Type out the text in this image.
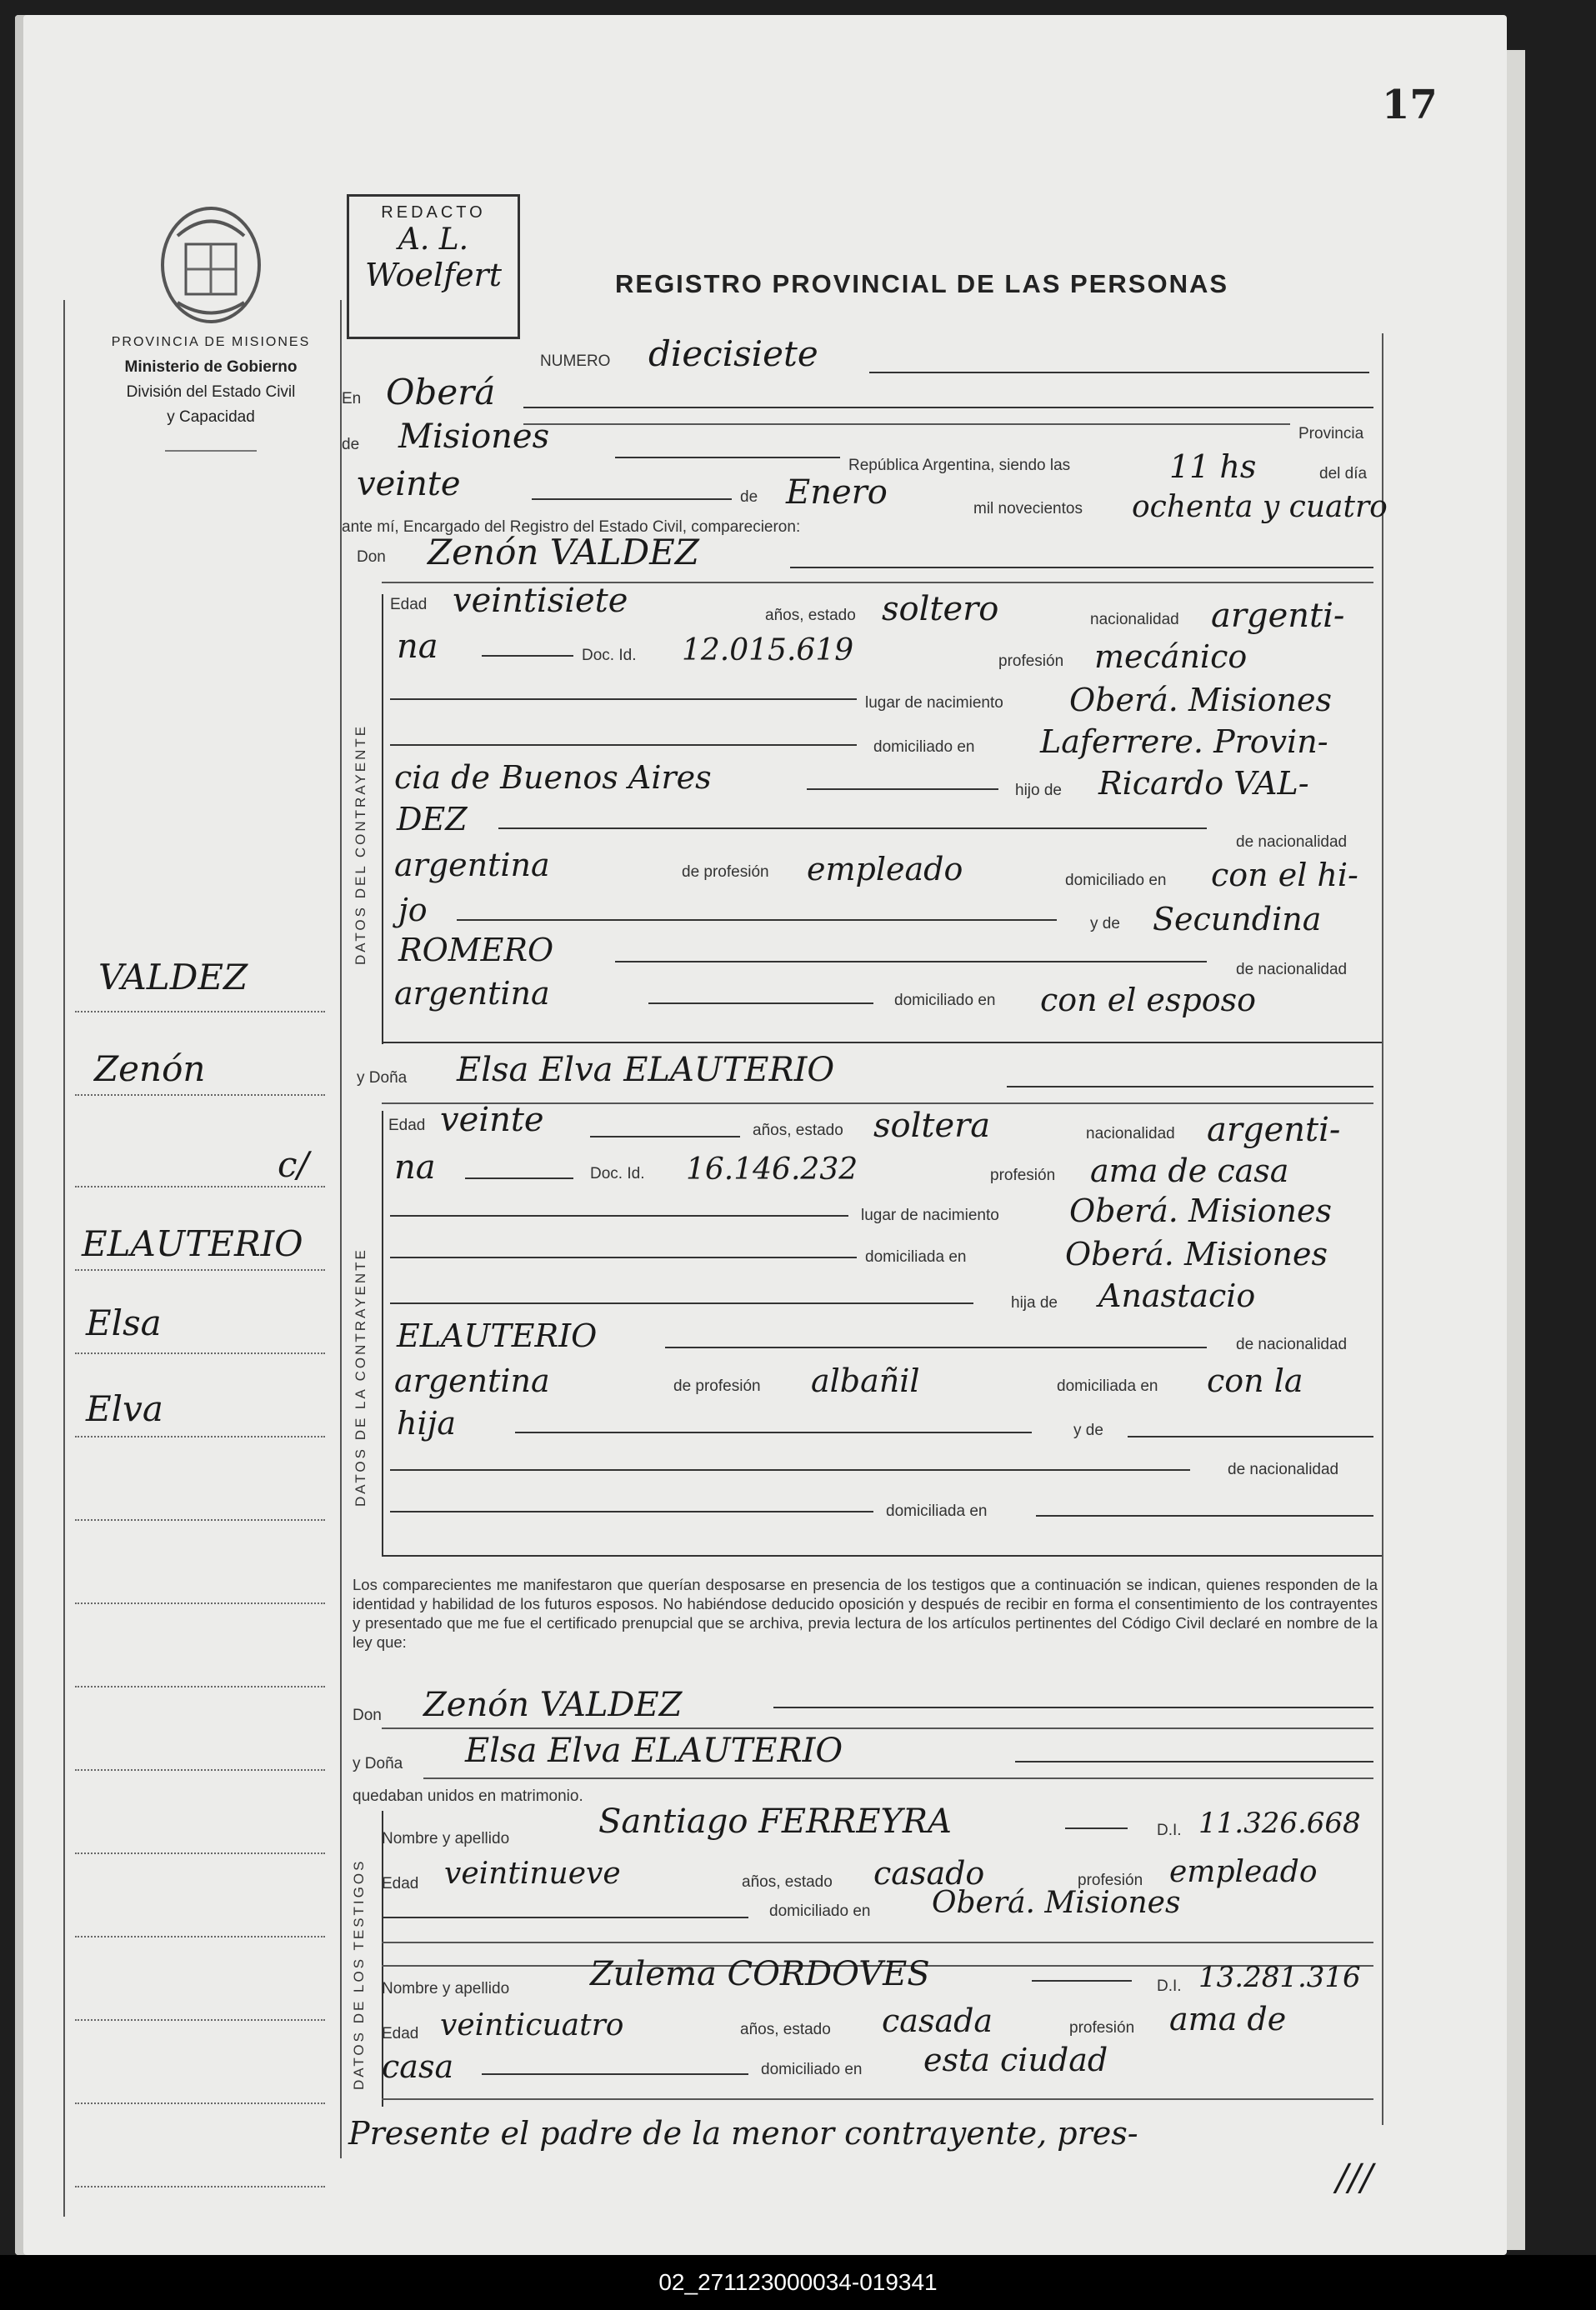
17
PROVINCIA DE MISIONES
Ministerio de Gobierno
División del Estado Civil
y Capacidad
REDACTO
A. L.
Woelfert	REGISTRO PROVINCIAL DE LAS PERSONAS
VALDEZ
Zenón
c/
ELAUTERIO
Elsa
Elva
NUMERO diecisiete
En Oberá
Provincia
de Misiones
República Argentina, siendo las	11 hs	del día
veinte	de Enero	mil novecientos ochenta y cuatro
ante mí, Encargado del Registro del Estado Civil, comparecieron:
Don Zenón VALDEZ
DATOS DEL CONTRAYENTE
Edad veintisiete	años, estado soltero	nacionalidad argenti-
na	Doc. Id. 12.015.619	profesión mecánico
lugar de nacimiento Oberá. Misiones
domiciliado en Laferrere. Provin-
cia de Buenos Aires	hijo de Ricardo VAL-
DEZ
de nacionalidad
argentina	de profesión empleado	domiciliado en con el hi-
jo	y de Secundina
ROMERO
de nacionalidad
argentina	domiciliado en con el esposo
y Doña Elsa Elva ELAUTERIO
DATOS DE LA CONTRAYENTE
Edad veinte	años, estado soltera	nacionalidad argenti-
na	Doc. Id. 16.146.232	profesión ama de casa
lugar de nacimiento Oberá. Misiones
domiciliada en	Oberá. Misiones
hija de Anastacio
ELAUTERIO	de nacionalidad
argentina	de profesión albañil	domiciliada en con la
hija	y de
de nacionalidad
domiciliada en
Los comparecientes me manifestaron que querían desposarse en presencia de los testigos que a continuación se indican, quienes responden de la identidad y habilidad de los futuros esposos. No habiéndose deducido oposición y después de recibir en forma el consentimiento de los contrayentes y presentado que me fue el certificado prenupcial que se archiva, previa lectura de los artículos pertinentes del Código Civil declaré en nombre de la ley que:
Don Zenón VALDEZ
y Doña Elsa Elva ELAUTERIO
quedaban unidos en matrimonio.
DATOS DE LOS TESTIGOS
Nombre y apellido	Santiago FERREYRA	D.I. 11.326.668
Edad veintinueve	años, estado casado	profesión empleado
domiciliado en Oberá. Misiones
Nombre y apellido Zulema CORDOVES	D.I. 13.281.316
Edad veinticuatro	años, estado casada	profesión ama de
casa	domiciliado en esta ciudad
Presente el padre de la menor contrayente, pres-
///
02_271123000034-019341
